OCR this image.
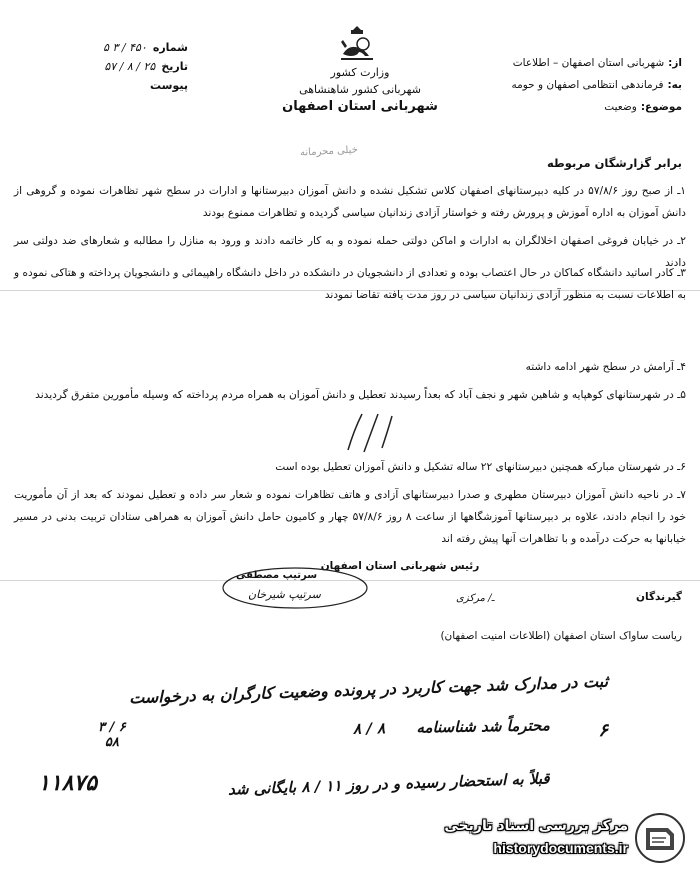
شماره
۴۵۰ / ۳ ۵
تاریخ
۲۵ / ۸ / ۵۷
پیوست
وزارت کشور
شهربانی کشور شاهنشاهی
شهربانی استان اصفهان
از:
شهربانی استان اصفهان – اطلاعات
به:
فرماندهی انتظامی اصفهان و حومه
موضوع:
وضعیت
خیلی محرمانه
برابر گزارشگان مربوطه
۱ـ از صبح روز ۵۷/۸/۶ در کلیه دبیرستانهای اصفهان کلاس تشکیل نشده و دانش آموزان دبیرستانها و ادارات در سطح شهر تظاهرات نموده و گروهی از دانش آموزان به اداره آموزش و پرورش رفته و خواستار آزادی زندانیان سیاسی گردیده و تظاهرات ممنوع بودند
۲ـ در خیابان فروغی اصفهان اخلالگران به ادارات و اماکن دولتی حمله نموده و به کار خاتمه دادند و ورود به منازل را مطالبه و شعارهای ضد دولتی سر دادند
۳ـ کادر اساتید دانشگاه کماکان در حال اعتصاب بوده و تعدادی از دانشجویان در دانشکده در داخل دانشگاه راهپیمائی و دانشجویان پرداخته و هتاکی نموده و به اطلاعات نسبت به منظور آزادی زندانیان سیاسی در روز مدت یافته تقاضا نمودند
۴ـ آرامش در سطح شهر ادامه داشته
۵ـ در شهرستانهای کوهپایه و شاهین شهر و نجف آباد که بعداً رسیدند تعطیل و دانش آموزان به همراه مردم پرداخته که وسیله مأمورین متفرق گردیدند
۶ـ در شهرستان مبارکه همچنین دبیرستانهای ۲۲ ساله تشکیل و دانش آموزان تعطیل بوده است
۷ـ در ناحیه دانش آموزان دبیرستان مطهری و صدرا دبیرستانهای آزادی و هاتف تظاهرات نموده و شعار سر داده و تعطیل نمودند که بعد از آن مأموریت خود را انجام دادند، علاوه بر دبیرستانها آموزشگاهها از ساعت ۸ روز ۵۷/۸/۶ چهار و کامیون حامل دانش آموزان به همراهی ستادان تربیت بدنی در مسیر خیابانها به حرکت درآمده و با تظاهرات آنها پیش رفته اند
رئیس شهربانی استان اصفهان
سرتیپ مصطفی
سرتیپ شیرخان	گیرندگان
ـ/ مرکزی
ریاست ساواک استان اصفهان (اطلاعات امنیت اصفهان)
ثبت در مدارک شد جهت کاربرد در پرونده وضعیت کارگران به درخواست
۶
محترماً شد شناسنامه      ۸ / ۸
۳ / ۶
۵۸
قبلاً به استحضار رسیده و در روز ۱۱ / ۸ بایگانی شد
۱۱۸۷۵
مرکز بررسی اسناد تاریخی
historydocuments.ir
